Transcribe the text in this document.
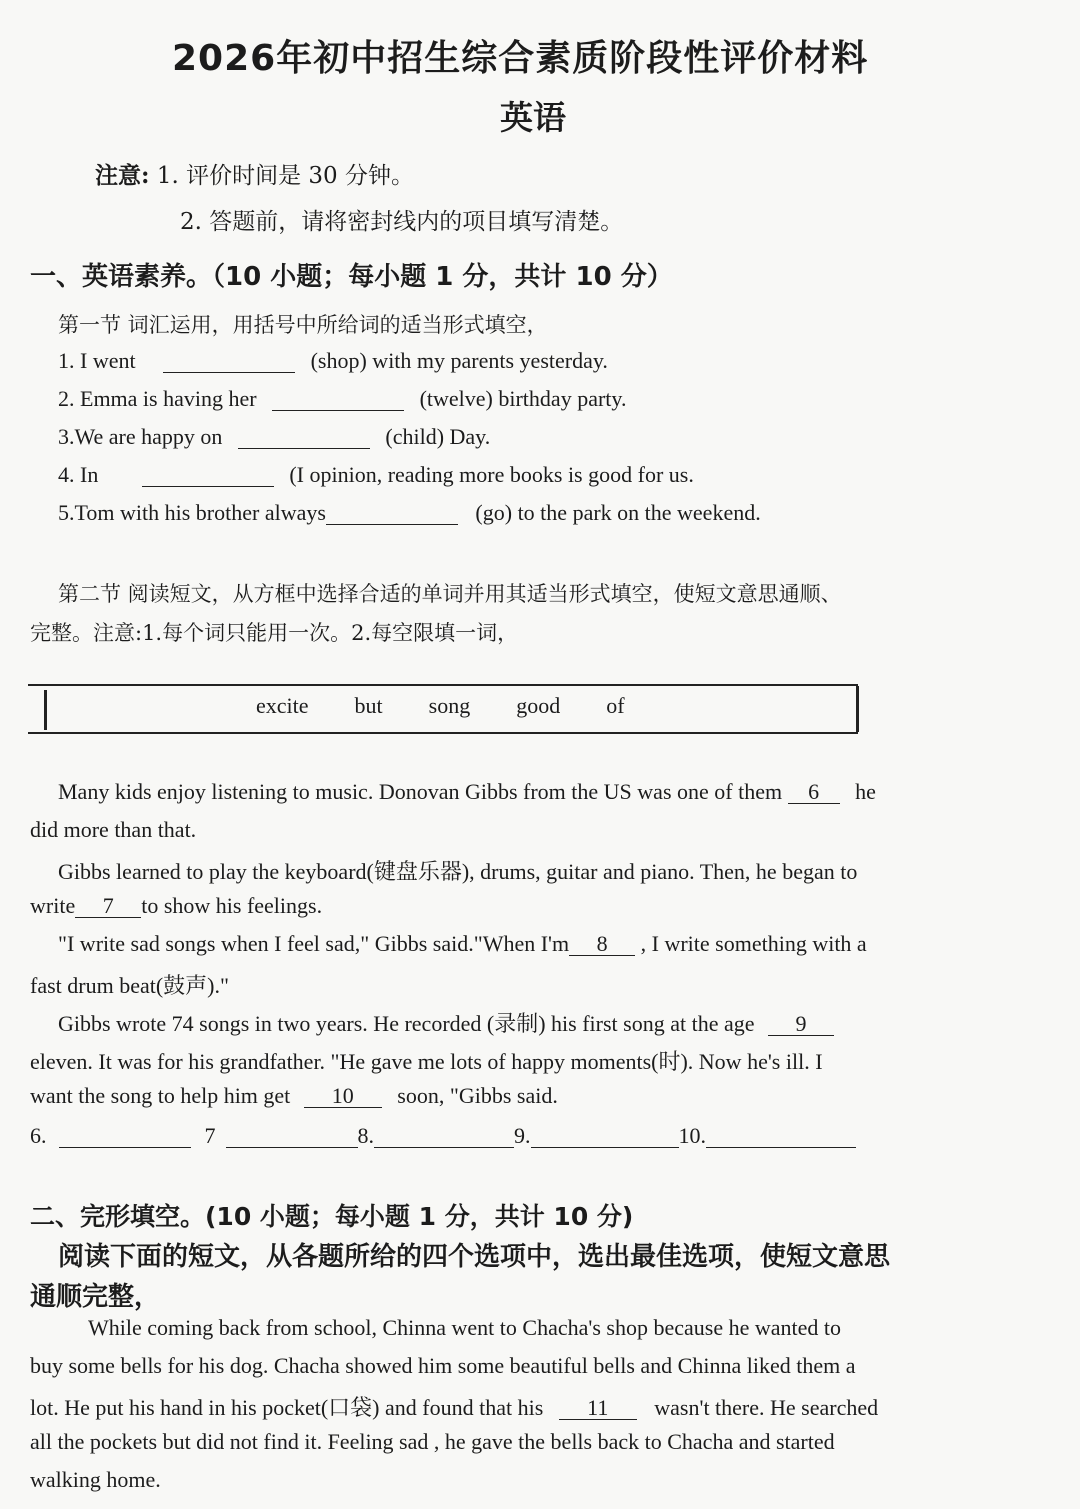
2026年初中招生综合素质阶段性评价材料
英语
注意: 1. 评价时间是 30 分钟。
2. 答题前，请将密封线内的项目填写清楚。
一、英语素养。（10 小题；每小题 1 分，共计 10 分）
第一节 词汇运用，用括号中所给词的适当形式填空，
1. I went	(shop) with my parents yesterday.
2. Emma is having her	(twelve) birthday party.
3.We are happy on	(child) Day.
4. In	(I opinion, reading more books is good for us.
5.Tom with his brother always	(go) to the park on the weekend.
第二节 阅读短文，从方框中选择合适的单词并用其适当形式填空，使短文意思通顺、
完整。注意:1.每个词只能用一次。2.每空限填一词，
excite but song good of
Many kids enjoy listening to music. Donovan Gibbs from the US was one of them 6 he
did more than that.
Gibbs learned to play the keyboard(键盘乐器), drums, guitar and piano. Then, he began to
write 7 to show his feelings.
"I write sad songs when I feel sad," Gibbs said."When I'm 8 , I write something with a
fast drum beat(鼓声)."
Gibbs wrote 74 songs in two years. He recorded (录制) his first song at the age 9
eleven. It was for his grandfather. "He gave me lots of happy moments(时). Now he's ill. I
want the song to help him get 10 soon, "Gibbs said.
6.	7	8.	9.	10.
二、完形填空。(10 小题；每小题 1 分，共计 10 分)
阅读下面的短文，从各题所给的四个选项中，选出最佳选项，使短文意思
通顺完整，
While coming back from school, Chinna went to Chacha's shop because he wanted to
buy some bells for his dog. Chacha showed him some beautiful bells and Chinna liked them a
lot. He put his hand in his pocket(口袋) and found that his 11 wasn't there. He searched
all the pockets but did not find it. Feeling sad , he gave the bells back to Chacha and started
walking home.
